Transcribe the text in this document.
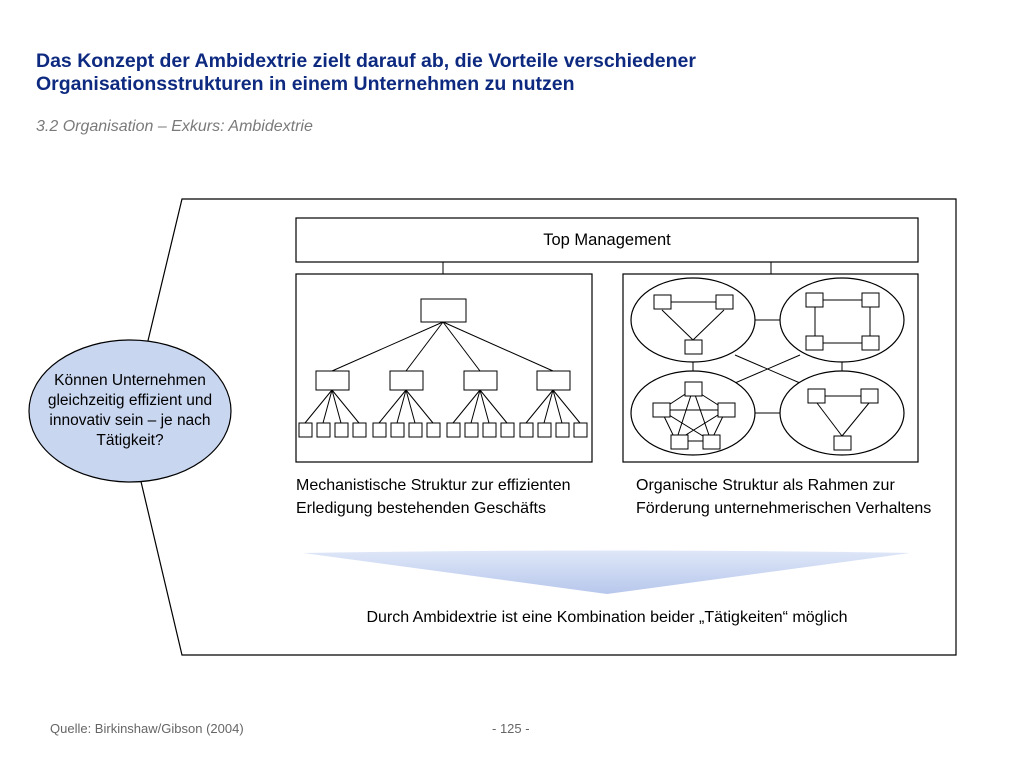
Das Konzept der Ambidextrie zielt darauf ab, die Vorteile verschiedener
Organisationsstrukturen in einem Unternehmen zu nutzen
3.2 Organisation – Exkurs: Ambidextrie
Können Unternehmen gleichzeitig effizient und innovativ sein – je nach Tätigkeit?
Top Management
Mechanistische Struktur zur effizienten Erledigung bestehenden Geschäfts
Organische Struktur als Rahmen zur Förderung unternehmerischen Verhaltens
Durch Ambidextrie ist eine Kombination beider „Tätigkeiten“ möglich
Quelle: Birkinshaw/Gibson (2004)	- 125 -
